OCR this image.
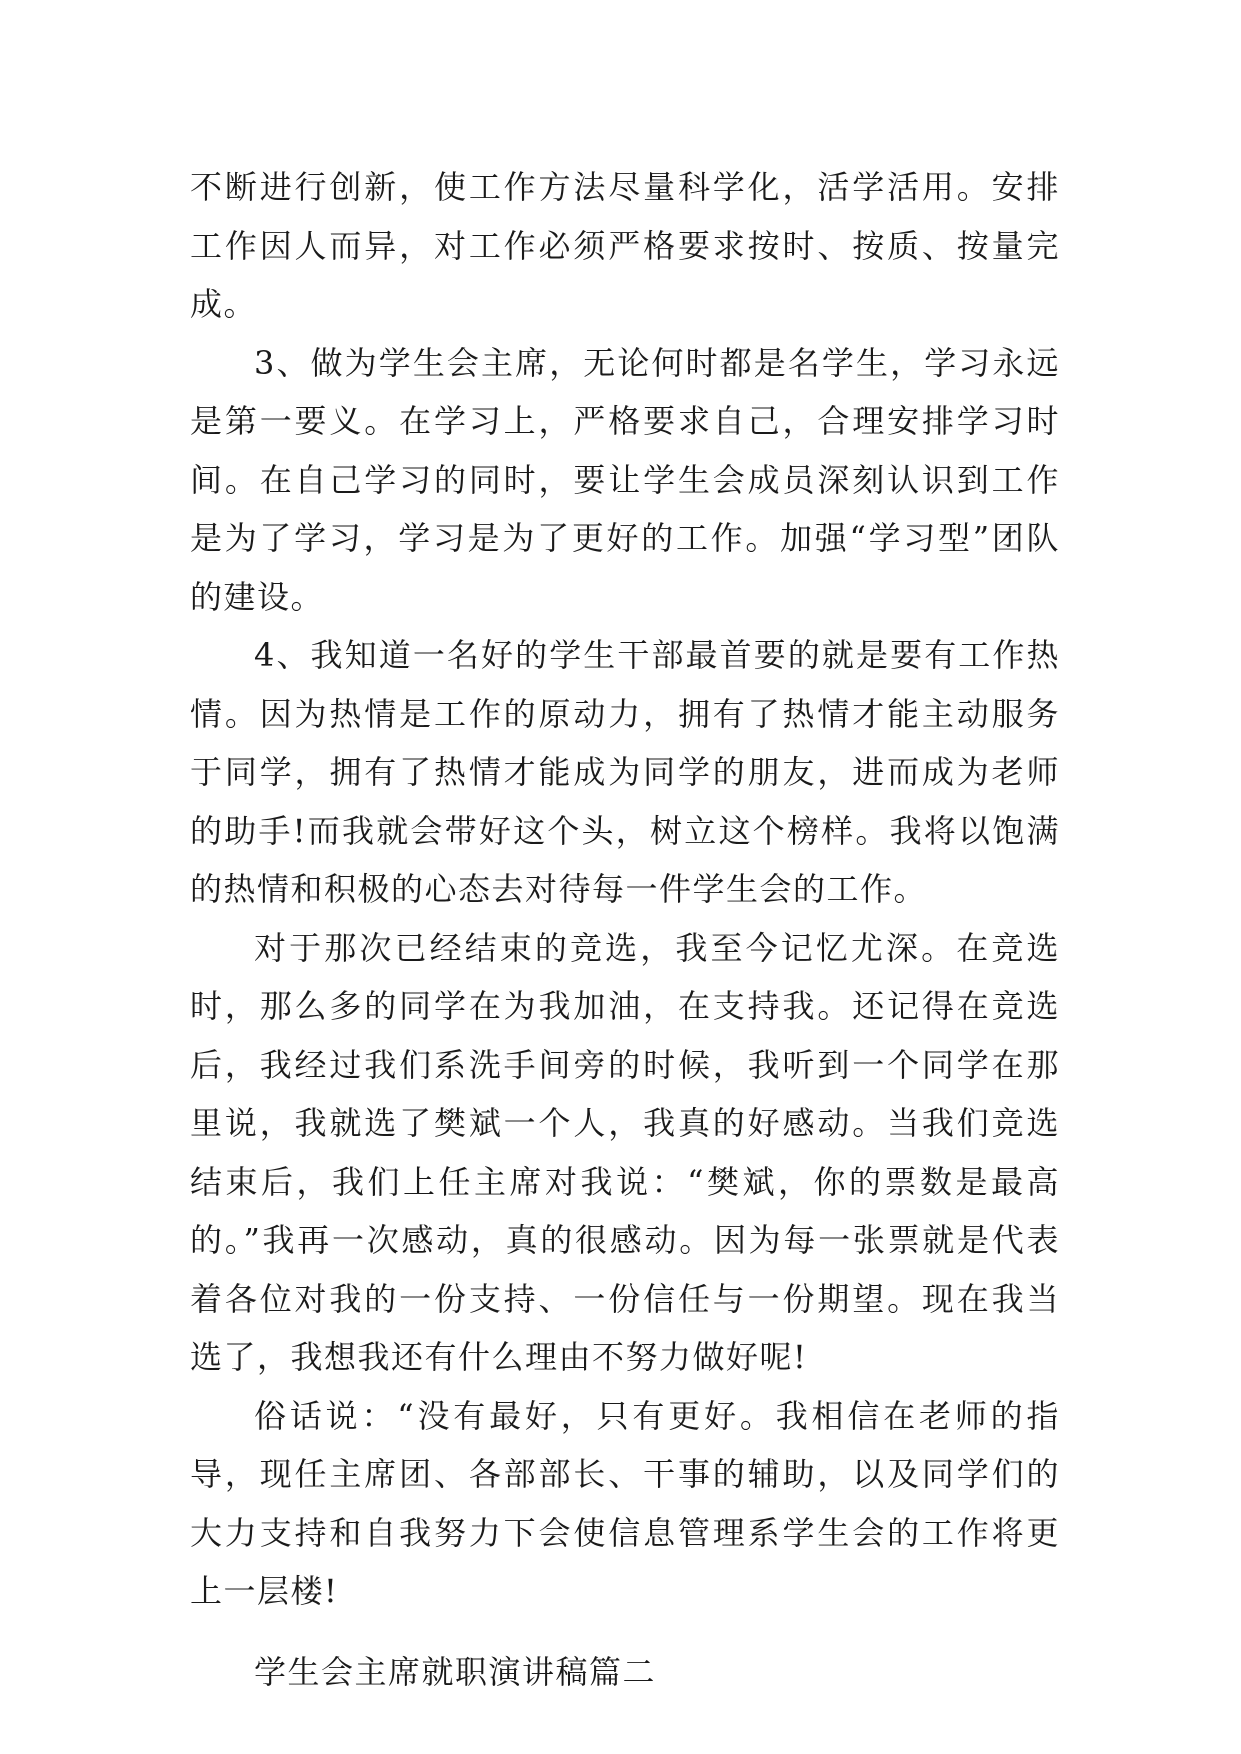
不断进行创新，使工作方法尽量科学化，活学活用。安排工作因人而异，对工作必须严格要求按时、按质、按量完成。

3、做为学生会主席，无论何时都是名学生，学习永远是第一要义。在学习上，严格要求自己，合理安排学习时间。在自己学习的同时，要让学生会成员深刻认识到工作是为了学习，学习是为了更好的工作。加强“学习型”团队的建设。

4、我知道一名好的学生干部最首要的就是要有工作热情。因为热情是工作的原动力，拥有了热情才能主动服务于同学，拥有了热情才能成为同学的朋友，进而成为老师的助手!而我就会带好这个头，树立这个榜样。我将以饱满的热情和积极的心态去对待每一件学生会的工作。

对于那次已经结束的竞选，我至今记忆尤深。在竞选时，那么多的同学在为我加油，在支持我。还记得在竞选后，我经过我们系洗手间旁的时候，我听到一个同学在那里说，我就选了樊斌一个人，我真的好感动。当我们竞选结束后，我们上任主席对我说：“樊斌，你的票数是最高的。”我再一次感动，真的很感动。因为每一张票就是代表着各位对我的一份支持、一份信任与一份期望。现在我当选了，我想我还有什么理由不努力做好呢!

俗话说：“没有最好，只有更好。我相信在老师的指导，现任主席团、各部部长、干事的辅助，以及同学们的大力支持和自我努力下会使信息管理系学生会的工作将更上一层楼!

学生会主席就职演讲稿篇二
